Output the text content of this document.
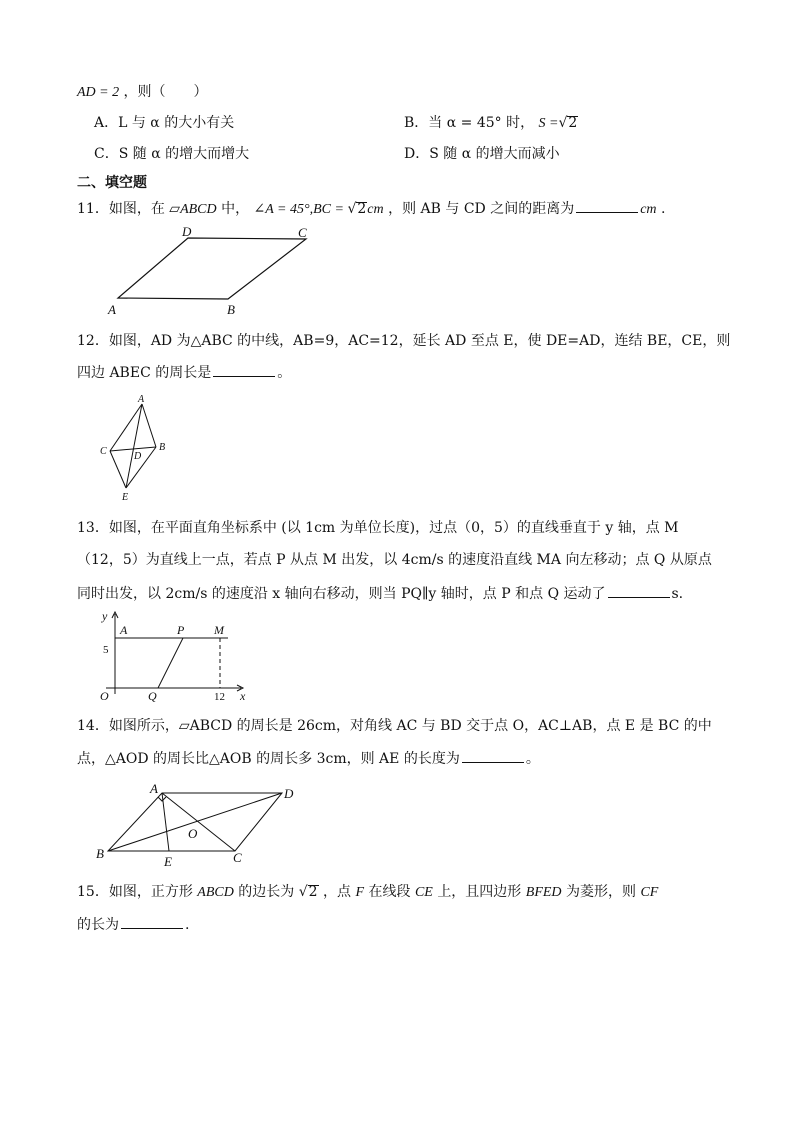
AD = 2 ，则（　　）
A．L 与 α 的大小有关	B．当 α = 45° 时， S =√2
C．S 随 α 的增大而增大	D．S 随 α 的增大而减小
二、填空题
11．如图，在 ▱ABCD 中， ∠A = 45°,BC = √2cm ，则 AB 与 CD 之间的距离为	cm .
D	C
A	B
12．如图，AD 为△ABC 的中线，AB=9，AC=12，延长 AD 至点 E，使 DE=AD，连结 BE，CE，则
四边 ABEC 的周长是	。
A
C	B
D
E
13．如图，在平面直角坐标系中 (以 1cm 为单位长度)，过点（0，5）的直线垂直于 y 轴，点 M
（12，5）为直线上一点，若点 P 从点 M 出发，以 4cm/s 的速度沿直线 MA 向左移动；点 Q 从原点
同时出发，以 2cm/s 的速度沿 x 轴向右移动，则当 PQ∥y 轴时，点 P 和点 Q 运动了	s.
y
A	P M
5
O	Q	12 x
14．如图所示，▱ABCD 的周长是 26cm，对角线 AC 与 BD 交于点 O，AC⊥AB，点 E 是 BC 的中
点，△AOD 的周长比△AOB 的周长多 3cm，则 AE 的长度为	。
A	D
O
B
E	C
15．如图，正方形 ABCD 的边长为 √2 ，点 F 在线段 CE 上，且四边形 BFED 为菱形，则 CF
的长为	.
